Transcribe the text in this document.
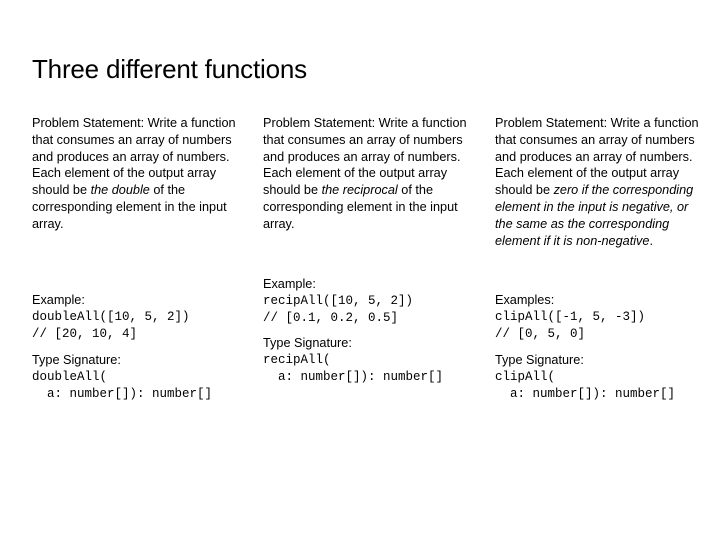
Three different functions

Problem Statement: Write a function that consumes an array of numbers and produces an array of numbers. Each element of the output array should be the double of the corresponding element in the input array.

Example:
doubleAll([10, 5, 2])
// [20, 10, 4]
Type Signature:
doubleAll(
a: number[]): number[]

Problem Statement: Write a function that consumes an array of numbers and produces an array of numbers. Each element of the output array should be the reciprocal of the corresponding element in the input array.

Example:
recipAll([10, 5, 2])
// [0.1, 0.2, 0.5]
Type Signature:
recipAll(
a: number[]): number[]

Problem Statement: Write a function that consumes an array of numbers and produces an array of numbers. Each element of the output array should be zero if the corresponding element in the input is negative, or the same as the corresponding element if it is non-negative.

Examples:
clipAll([-1, 5, -3])
// [0, 5, 0]
Type Signature:
clipAll(
a: number[]): number[]
